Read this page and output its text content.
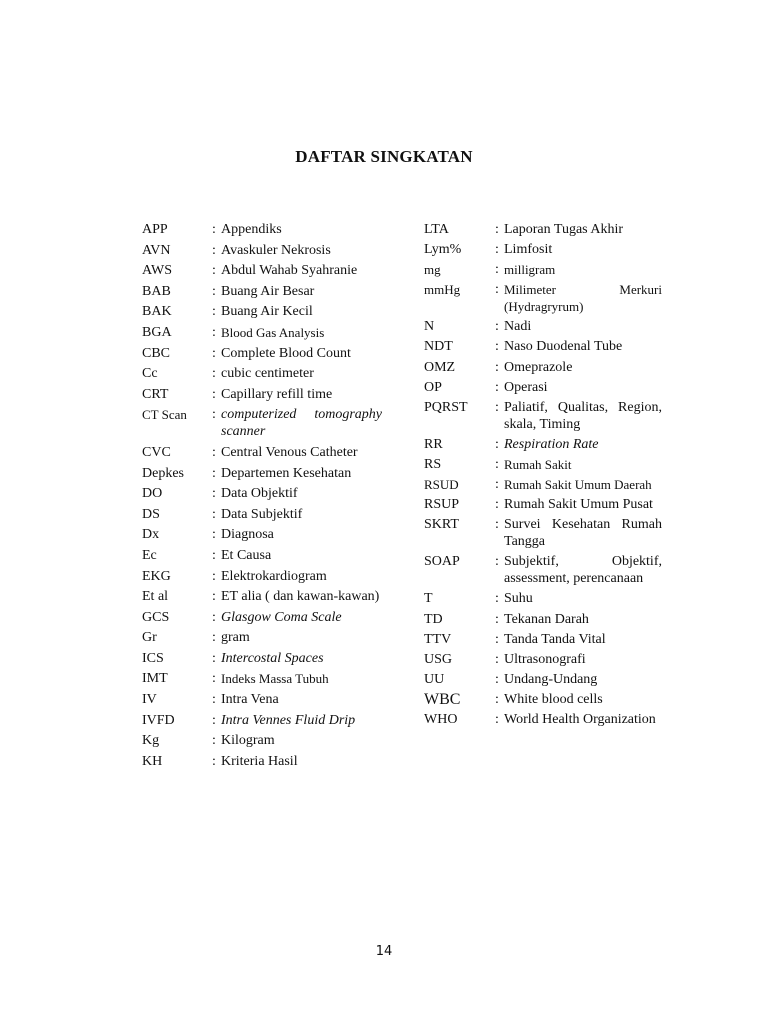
DAFTAR SINGKATAN
APP	: Appendiks
AVN	: Avaskuler Nekrosis
AWS	: Abdul Wahab Syahranie
BAB	: Buang Air Besar
BAK	: Buang Air Kecil
BGA	: Blood Gas Analysis
CBC	: Complete Blood Count
Cc	: cubic centimeter
CRT	: Capillary refill time
CT Scan	: computerized tomography scanner
CVC	: Central Venous Catheter
Depkes	: Departemen Kesehatan
DO	: Data Objektif
DS	: Data Subjektif
Dx	: Diagnosa
Ec	: Et Causa
EKG	: Elektrokardiogram
Et al	: ET alia ( dan kawan-kawan)
GCS	: Glasgow Coma Scale
Gr	: gram
ICS	: Intercostal Spaces
IMT	: Indeks Massa Tubuh
IV	: Intra Vena
IVFD	: Intra Vennes Fluid Drip
Kg	: Kilogram
KH	: Kriteria Hasil
LTA	: Laporan Tugas Akhir
Lym%	: Limfosit
mg	: milligram
mmHg	: Milimeter Merkuri (Hydragryrum)
N	: Nadi
NDT	: Naso Duodenal Tube
OMZ	: Omeprazole
OP	: Operasi
PQRST	: Paliatif, Qualitas, Region, skala, Timing
RR	: Respiration Rate
RS	: Rumah Sakit
RSUD	: Rumah Sakit Umum Daerah
RSUP	: Rumah Sakit Umum Pusat
SKRT	: Survei Kesehatan Rumah Tangga
SOAP	: Subjektif, Objektif, assessment, perencanaan
T	: Suhu
TD	: Tekanan Darah
TTV	: Tanda Tanda Vital
USG	: Ultrasonografi
UU	: Undang-Undang
WBC	: White blood cells
WHO	: World Health Organization
14
